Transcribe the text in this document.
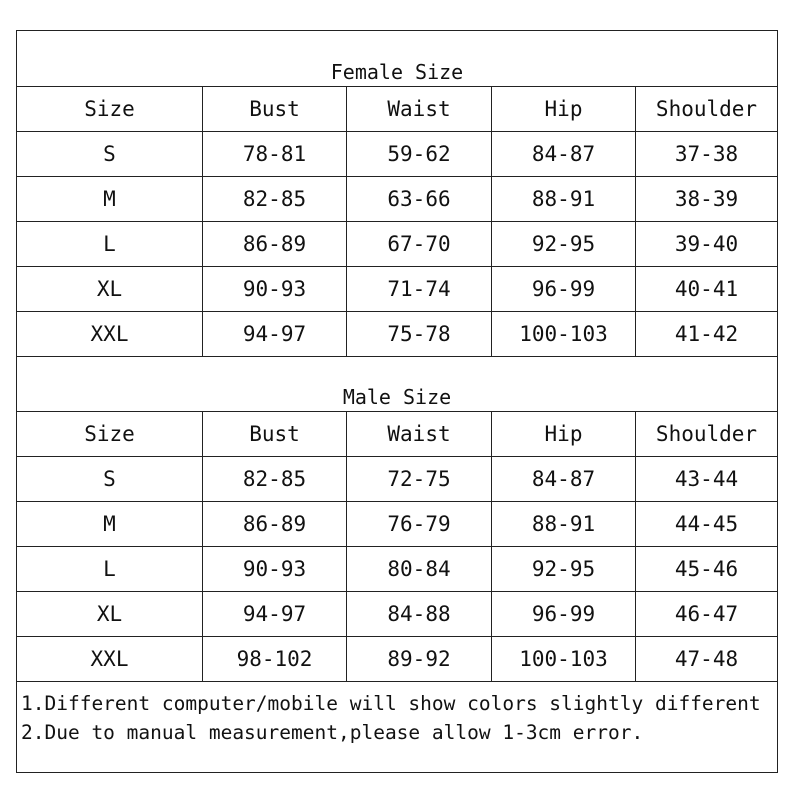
Female Size
Size	Bust	Waist	Hip	Shoulder
S	78-81	59-62	84-87	37-38
M	82-85	63-66	88-91	38-39
L	86-89	67-70	92-95	39-40
XL	90-93	71-74	96-99	40-41
XXL	94-97	75-78	100-103	41-42
Male Size
Size	Bust	Waist	Hip	Shoulder
S	82-85	72-75	84-87	43-44
M	86-89	76-79	88-91	44-45
L	90-93	80-84	92-95	45-46
XL	94-97	84-88	96-99	46-47
XXL	98-102	89-92	100-103	47-48
1.Different computer/mobile will show colors slightly different
2.Due to manual measurement,please allow 1-3cm error.
